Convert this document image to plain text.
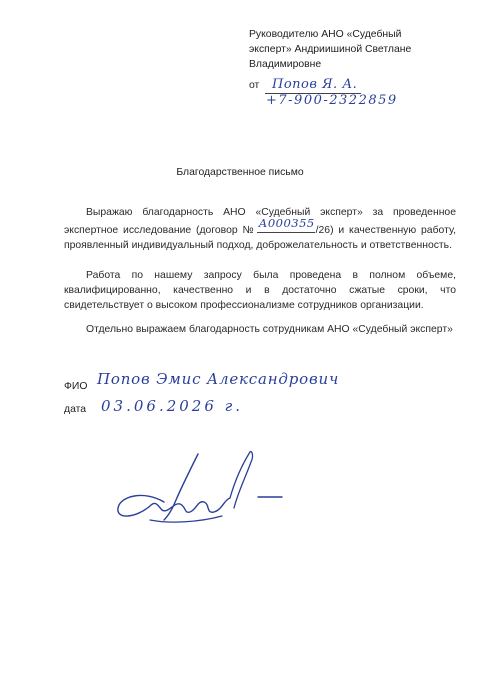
Руководителю АНО «Судебный
эксперт» Андриишиной Светлане
Владимировне
от Попов Я. А.
+7-900-2322859
Благодарственное письмо
Выражаю благодарность АНО «Судебный эксперт» за проведенное экспертное исследование (договор №
А000355
/26) и качественную работу, проявленный индивидуальный подход, доброжелательность и ответственность.
Работа по нашему запросу была проведена в полном объеме, квалифицированно, качественно и в достаточно сжатые сроки, что свидетельствует о высоком профессионализме сотрудников организации.
Отдельно выражаем благодарность сотрудникам АНО «Судебный эксперт»
ФИО Попов Эмис Александрович
дата 03.06.2026 г.
